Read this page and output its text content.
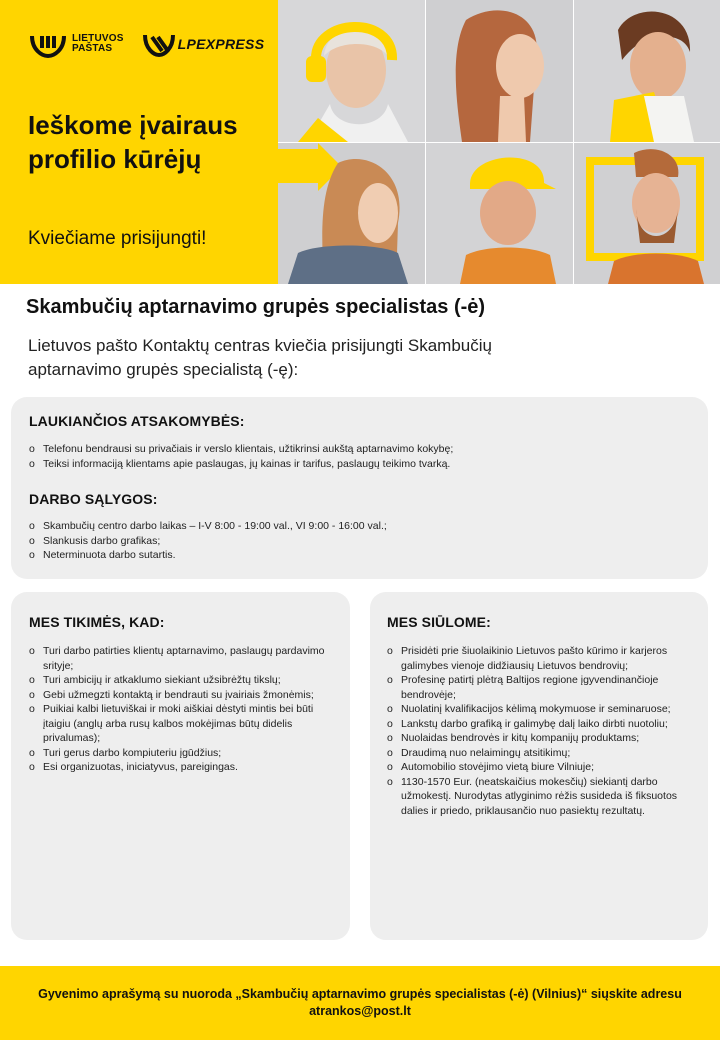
LIETUVOS
PAŠTAS	LPEXPRESS
Ieškome įvairaus profilio kūrėjų
Kviečiame prisijungti!
Skambučių aptarnavimo grupės specialistas (-ė)

Lietuvos pašto Kontaktų centras kviečia prisijungti Skambučių aptarnavimo grupės specialistą (-ę):

LAUKIANČIOS ATSAKOMYBĖS:
o Telefonu bendrausi su privačiais ir verslo klientais, užtikrinsi aukštą aptarnavimo kokybę;
o Teiksi informaciją klientams apie paslaugas, jų kainas ir tarifus, paslaugų teikimo tvarką.
DARBO SĄLYGOS:
o Skambučių centro darbo laikas – I-V 8:00 - 19:00 val., VI 9:00 - 16:00 val.;
o Slankusis darbo grafikas;
o Neterminuota darbo sutartis.
MES TIKIMĖS, KAD:
o Turi darbo patirties klientų aptarnavimo, paslaugų pardavimo srityje;
o Turi ambicijų ir atkaklumo siekiant užsibrėžtų tikslų;
o Gebi užmegzti kontaktą ir bendrauti su įvairiais žmonėmis;
o Puikiai kalbi lietuviškai ir moki aiškiai dėstyti mintis bei būti įtaigiu (anglų arba rusų kalbos mokėjimas būtų didelis privalumas);
o Turi gerus darbo kompiuteriu įgūdžius;
o Esi organizuotas, iniciatyvus, pareigingas.
MES SIŪLOME:
o Prisidėti prie šiuolaikinio Lietuvos pašto kūrimo ir karjeros galimybes vienoje didžiausių Lietuvos bendrovių;
o Profesinę patirtį plėtrą Baltijos regione įgyvendinančioje bendrovėje;
o Nuolatinį kvalifikacijos kėlimą mokymuose ir seminaruose;
o Lankstų darbo grafiką ir galimybę dalį laiko dirbti nuotoliu;
o Nuolaidas bendrovės ir kitų kompanijų produktams;
o Draudimą nuo nelaimingų atsitikimų;
o Automobilio stovėjimo vietą biure Vilniuje;
o 1130-1570 Eur. (neatskaičius mokesčių) siekiantį darbo užmokestį. Nurodytas atlyginimo rėžis susideda iš fiksuotos dalies ir priedo, priklausančio nuo pasiektų rezultatų.

Gyvenimo aprašymą su nuoroda „Skambučių aptarnavimo grupės specialistas (-ė) (Vilnius)“ siųskite adresu atrankos@post.lt
